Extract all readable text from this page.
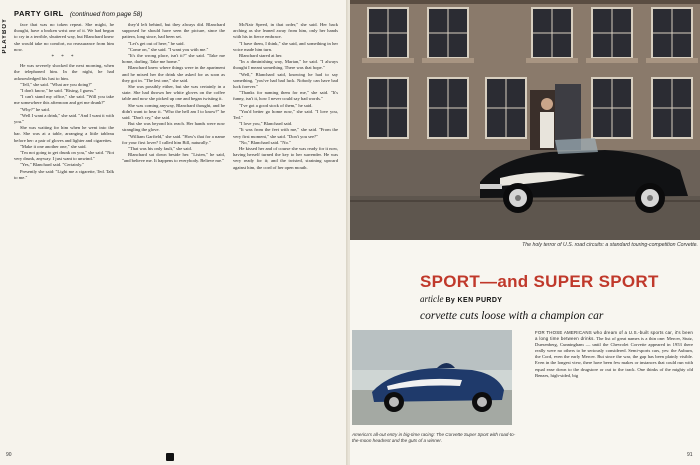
PLAYBOY
PARTY GIRL (continued from page 58)

face that was no token repeat. She might, he thought, have a broken wrist one of it. We had begun to cry in a terrible, shuttered way, but Blanchard knew she would take no comfort, no reassurance from him now.

* * *

He was severely shocked the next morning, when the telephoned him. In the night, he had acknowledged his lust to him.

"Tell," she said. "What are you doing?"

"I don't know," he said. "Rising, I guess."

"I can't stand my office," she said. "Will you take me somewhere this afternoon and get me drunk?"

"Why?" he said.

"Well I want a drink," she said. "And I want it with you."

She was waiting for him when he went into the bar. She was at a table, arranging a little tableau before her: a pair of gloves and lighter and cigarettes.

"Make it one another one," she said.

"I'm not going to get drunk on you," she said. "Not very drunk, anyway. I just want to unwind."

"Yes," Blanchard said. "Certainly."

Presently she said: "Light me a cigarette, Ted. Talk to me."

they'd left behind, but they always did. Blanchard supposed he should have seen the picture, since the pattern, long since, had been set.

"Let's get out of here," he said.

"Come on," she said. "I want you with me."

"It's the wrong place, isn't it?" she said. "Take me home, darling. Take me home."

Blanchard knew where things were in the apartment and he mixed her the drink she asked for as soon as they got in. "The lest one," she said.

She was possibly either, but she was certainly in a state. She had thrown her white gloves on the coffee table and now she picked up one and began twisting it.

She was coming anyway, Blanchard thought, and he didn't want to hear it. "Who the hell am I to know?" he said. "Don't cry," she said.

But she was beyond his reach. Her hands were now strangling the glove.

"William Garfield," she said. "How's that for a name for your first lover? I called him Bill, naturally."

"That was his only fault," she said.

Blanchard sat down beside her. "Listen," he said, "and believe me. It happens to everybody. Believe me."

McNair Speed, in that order," she said. Her back arching as she leaned away from him, only her hands with his in fierce embrace.

"I have them, I think," she said, and something in her voice made him turn.

Blanchard stared at her.

"In a diminishing way, Marian," he said. "I always thought I meant something. There was that hope."

"Well," Blanchard said, knowing he had to say something, "you've had bad luck. Nobody can have bad luck forever."

"Thanks for naming them for me," she said. "It's funny, isn't it, how I never could say bad words."

"I've got a good stock of them," he said.

"You'd better go home now," she said. "I love you, Ted."

"I love you," Blanchard said.

"It was from the feet with me," she said. "From the very first moment," she said. "Don't you see?"

"No," Blanchard said. "No."

He kissed her and of course she was ready for it now, having herself turned the key to her surrender. He was very ready for it; and the twisted, straining upward against him, the cord of her open mouth.

90
The holy terror of U.S. road circuits: a standard touring-competition Corvette.
SPORT—and SUPER SPORT
article By KEN PURDY
corvette cuts loose with a champion car
America's all-out entry in big-time racing: The Corvette Super Sport with road-to-the-moon headrest and the guts of a winner.

FOR THOSE AMERICANS who dream of a U.S.-built sports car, it's been a long time between drinks. The list of great names is a thin one: Mercer, Stutz, Duesenberg, Cunningham — until the Chevrolet Corvette appeared in 1953 there really were no others to be seriously considered. Semi-sports cars, yes: the Auburn, the Cord, even the early Mercer. But since the war, the gap has been plainly visible. Even in the longest view, there have been few makes or instances that could run with equal ease down to the drugstore or out to the track. One thinks of the mighty old Benzes, high-sided, big

91
